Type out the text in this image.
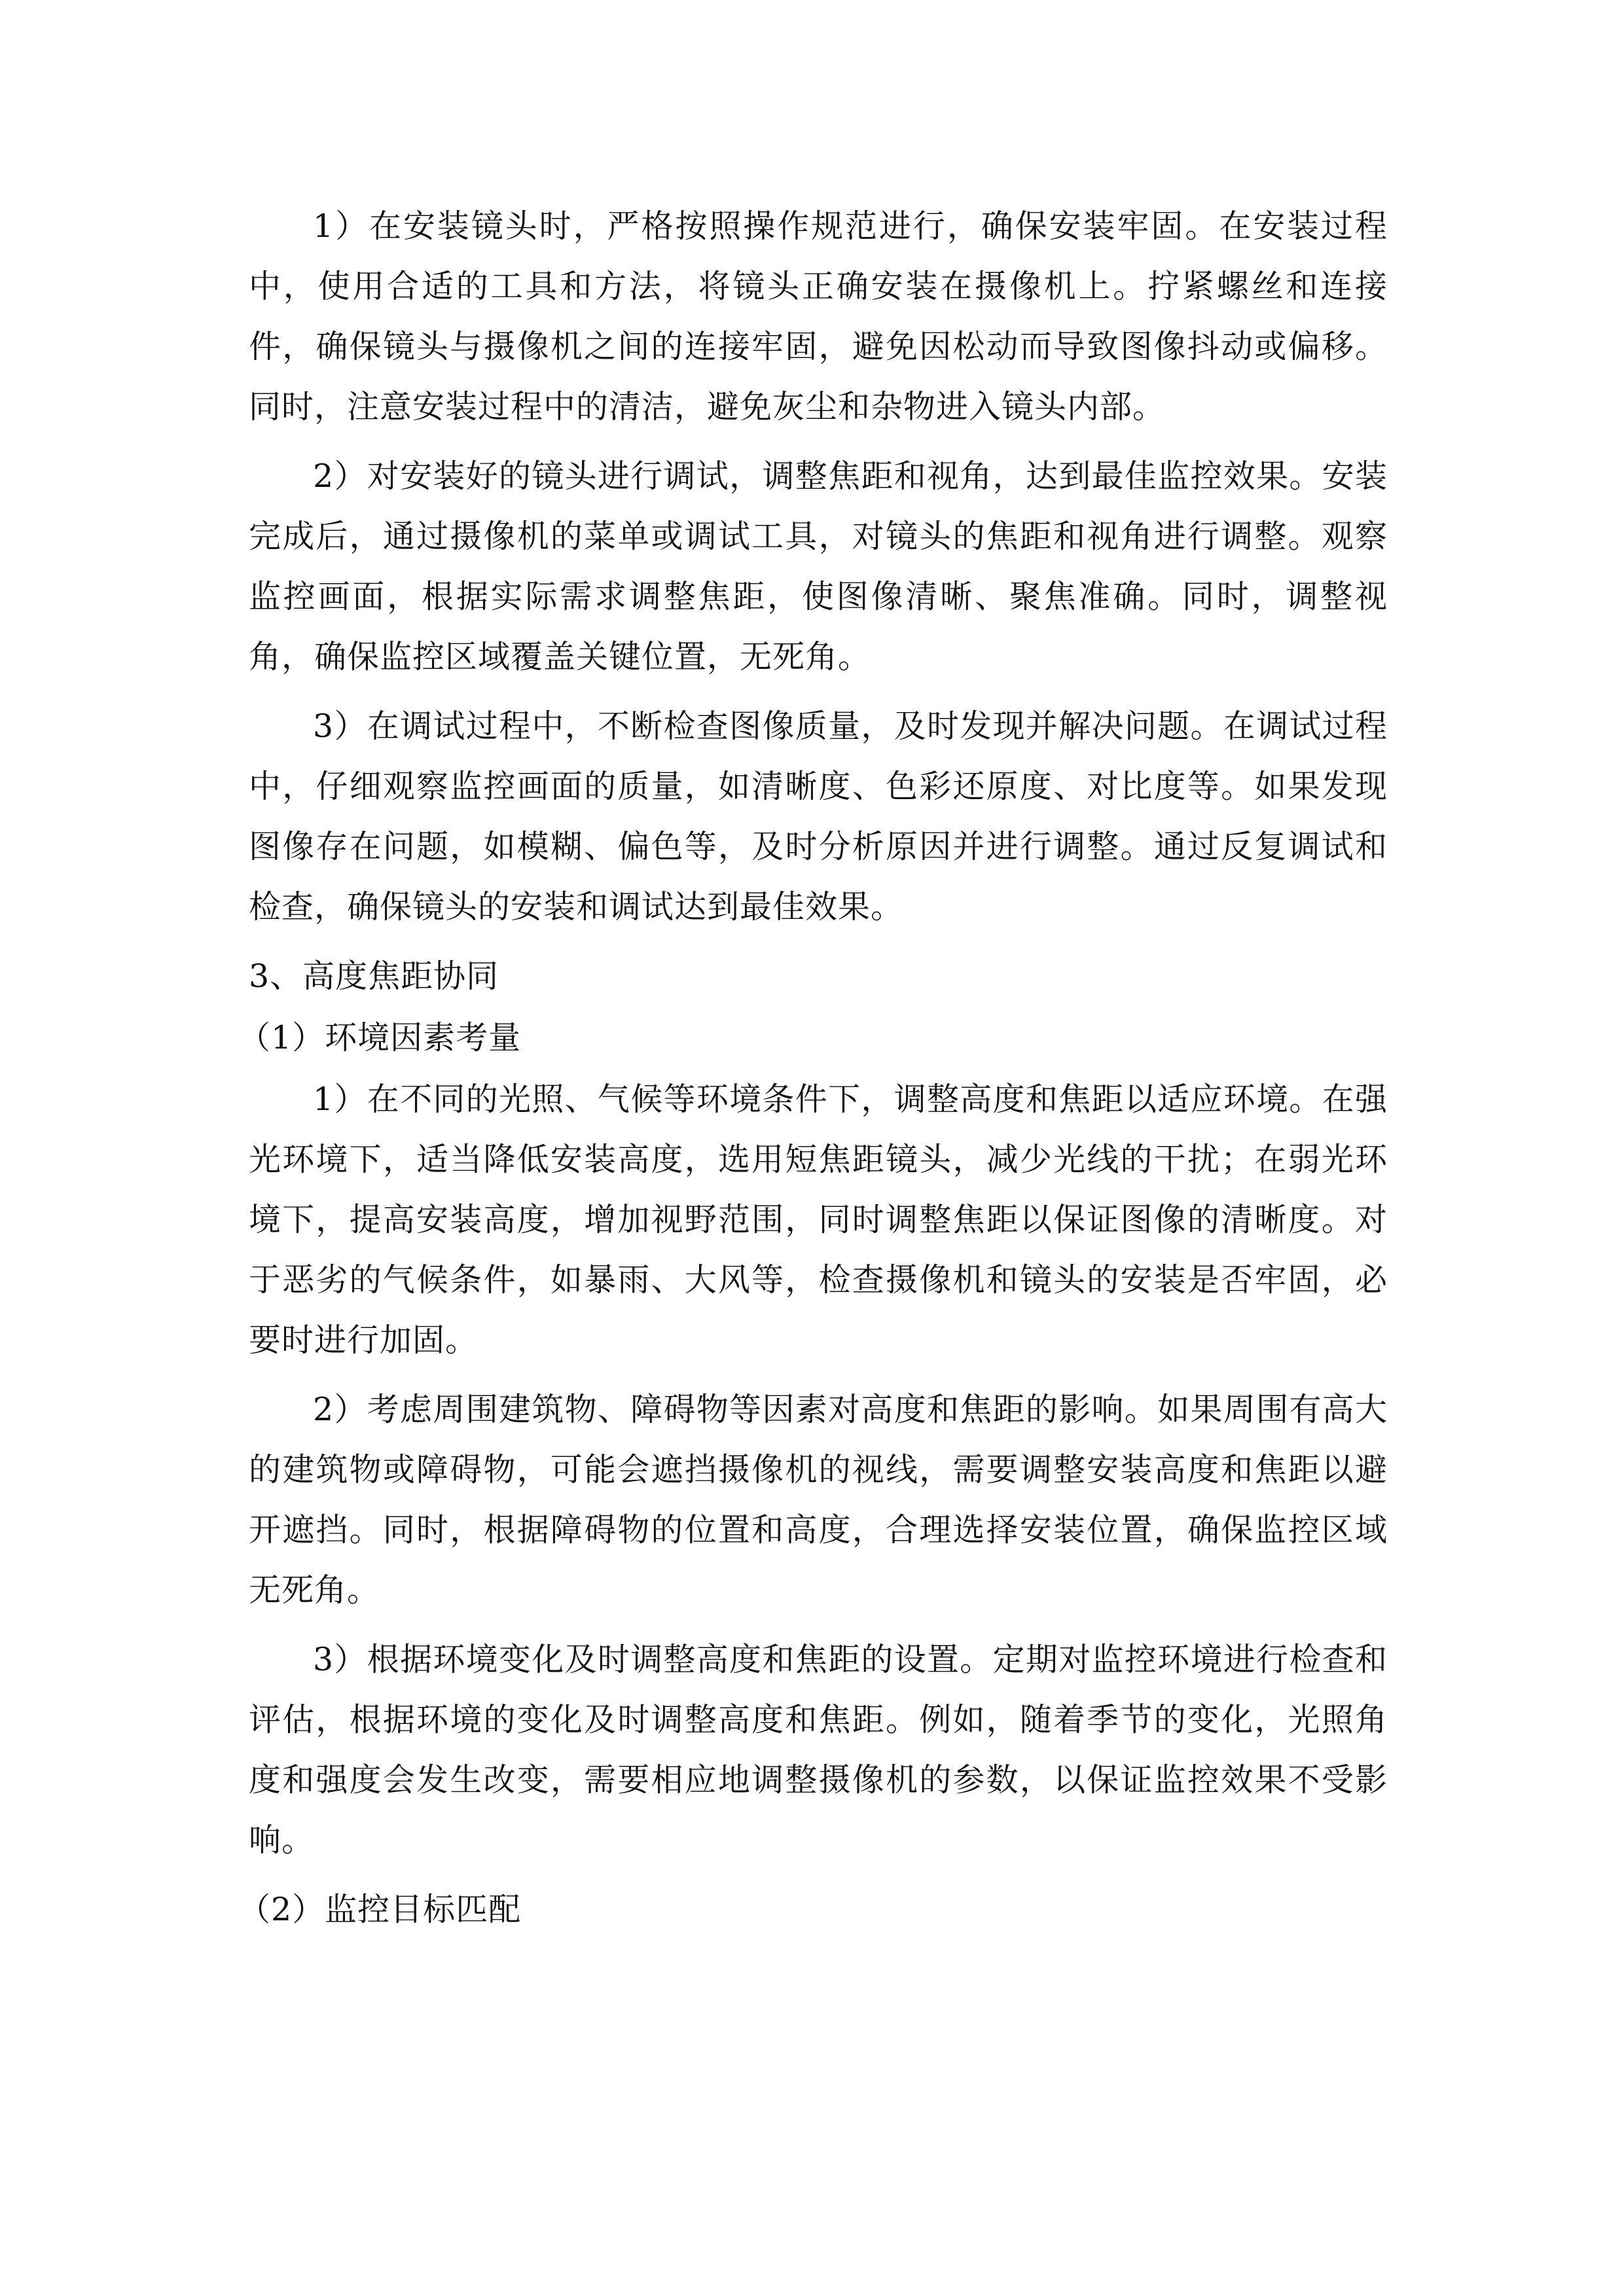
1）在安装镜头时，严格按照操作规范进行，确保安装牢固。在安装过程中，使用合适的工具和方法，将镜头正确安装在摄像机上。拧紧螺丝和连接件，确保镜头与摄像机之间的连接牢固，避免因松动而导致图像抖动或偏移。同时，注意安装过程中的清洁，避免灰尘和杂物进入镜头内部。

2）对安装好的镜头进行调试，调整焦距和视角，达到最佳监控效果。安装完成后，通过摄像机的菜单或调试工具，对镜头的焦距和视角进行调整。观察监控画面，根据实际需求调整焦距，使图像清晰、聚焦准确。同时，调整视角，确保监控区域覆盖关键位置，无死角。

3）在调试过程中，不断检查图像质量，及时发现并解决问题。在调试过程中，仔细观察监控画面的质量，如清晰度、色彩还原度、对比度等。如果发现图像存在问题，如模糊、偏色等，及时分析原因并进行调整。通过反复调试和检查，确保镜头的安装和调试达到最佳效果。

3、高度焦距协同

（1）环境因素考量

1）在不同的光照、气候等环境条件下，调整高度和焦距以适应环境。在强光环境下，适当降低安装高度，选用短焦距镜头，减少光线的干扰；在弱光环境下，提高安装高度，增加视野范围，同时调整焦距以保证图像的清晰度。对于恶劣的气候条件，如暴雨、大风等，检查摄像机和镜头的安装是否牢固，必要时进行加固。

2）考虑周围建筑物、障碍物等因素对高度和焦距的影响。如果周围有高大的建筑物或障碍物，可能会遮挡摄像机的视线，需要调整安装高度和焦距以避开遮挡。同时，根据障碍物的位置和高度，合理选择安装位置，确保监控区域无死角。

3）根据环境变化及时调整高度和焦距的设置。定期对监控环境进行检查和评估，根据环境的变化及时调整高度和焦距。例如，随着季节的变化，光照角度和强度会发生改变，需要相应地调整摄像机的参数，以保证监控效果不受影响。

（2）监控目标匹配
